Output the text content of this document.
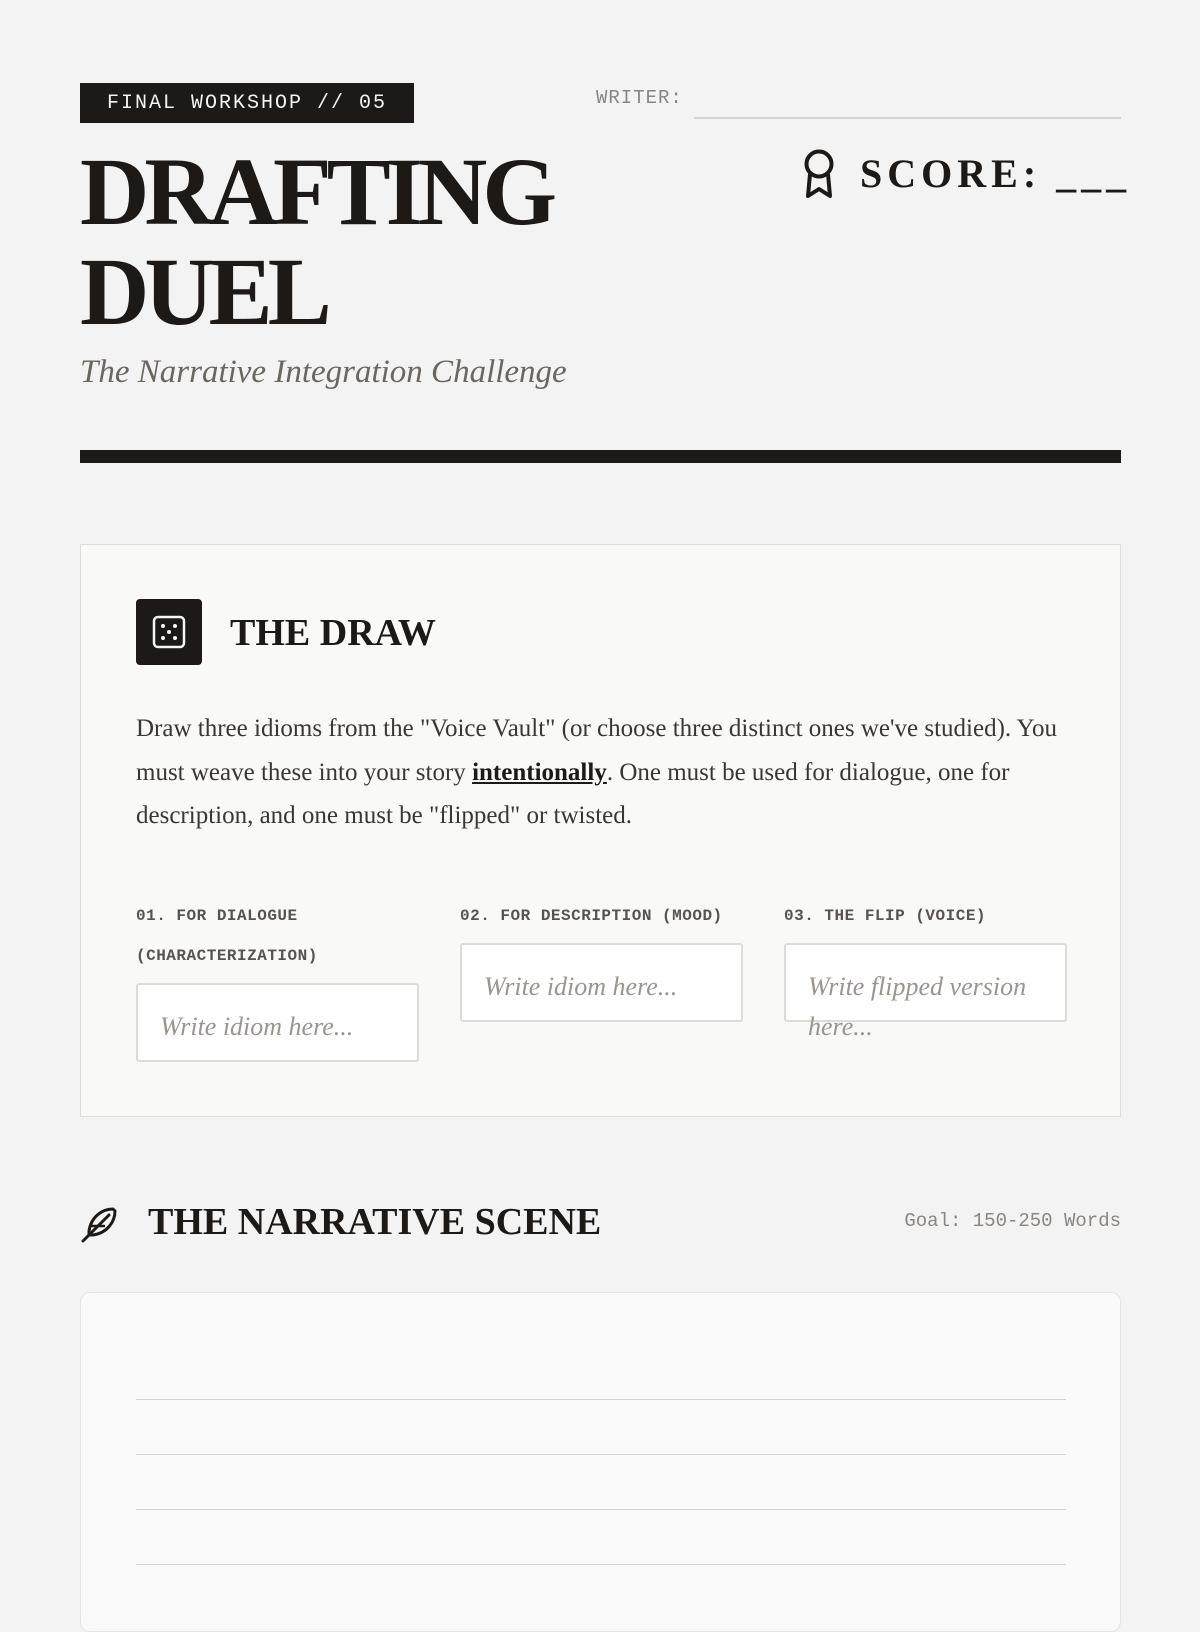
FINAL WORKSHOP // 05	WRITER:
DRAFTING
DUEL
The Narrative Integration Challenge
SCORE: ___
THE DRAW

Draw three idioms from the "Voice Vault" (or choose three distinct ones we've studied). You must weave these into your story intentionally. One must be used for dialogue, one for description, and one must be "flipped" or twisted.

01. FOR DIALOGUE (CHARACTERIZATION)
Write idiom here...
02. FOR DESCRIPTION (MOOD)
Write idiom here...
03. THE FLIP (VOICE)
Write flipped version here...
THE NARRATIVE SCENE	Goal: 150-250 Words
